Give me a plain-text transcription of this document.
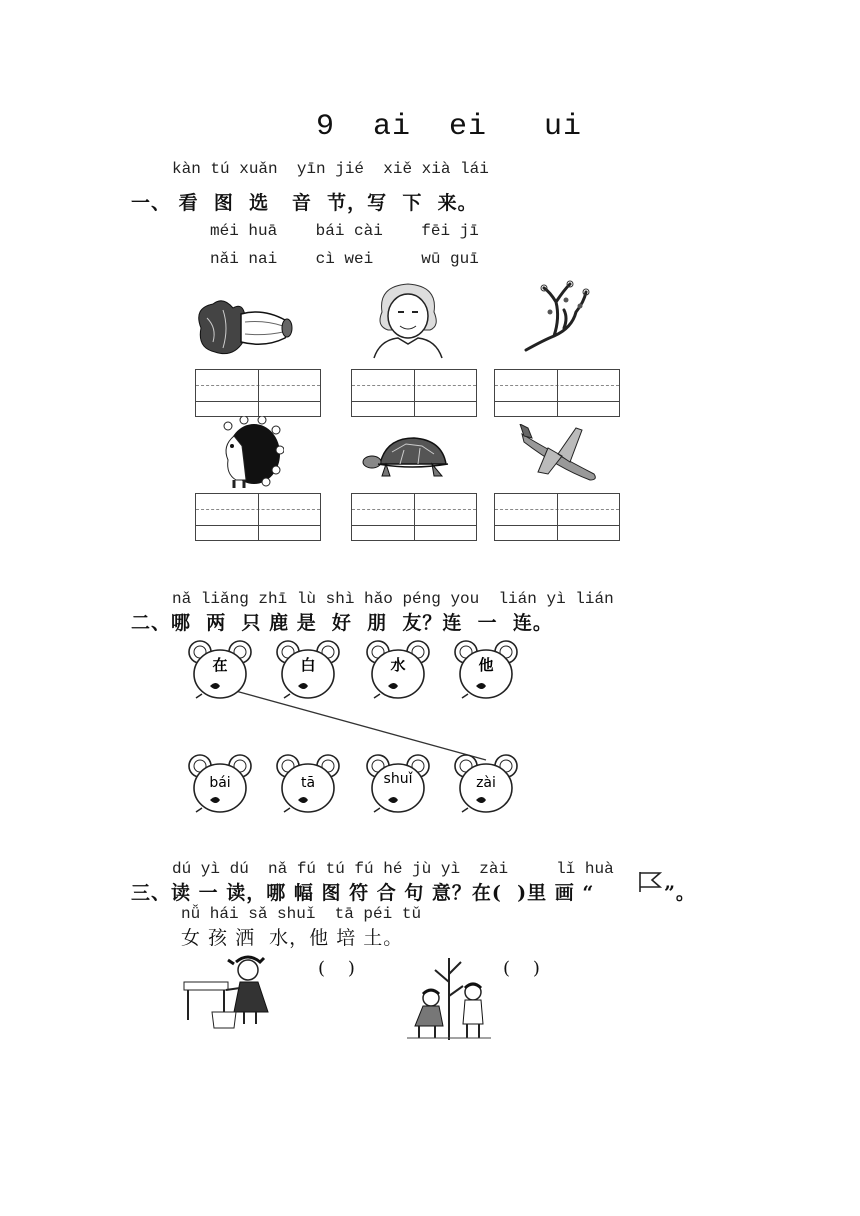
9  ai  ei   ui
kàn tú xuǎn  yīn jié  xiě xià lái
一、 看  图  选   音  节，写  下  来。
méi huā    bái cài    fēi jī
nǎi nai    cì wei     wū guī
nǎ liǎng zhī lù shì hǎo péng you  lián yì lián
二、哪  两  只 鹿 是  好  朋  友？连  一  连。
在	白	水	他
bái	tā	shuǐ	zài
dú yì dú  nǎ fú tú fú hé jù yì  zài     lǐ huà
三、读 一 读，哪 幅 图 符 合 句 意？在(  )里 画 “	”。
nǚ hái sǎ shuǐ  tā péi tǔ
女 孩 洒  水，他 培 土。
(    )	(    )
